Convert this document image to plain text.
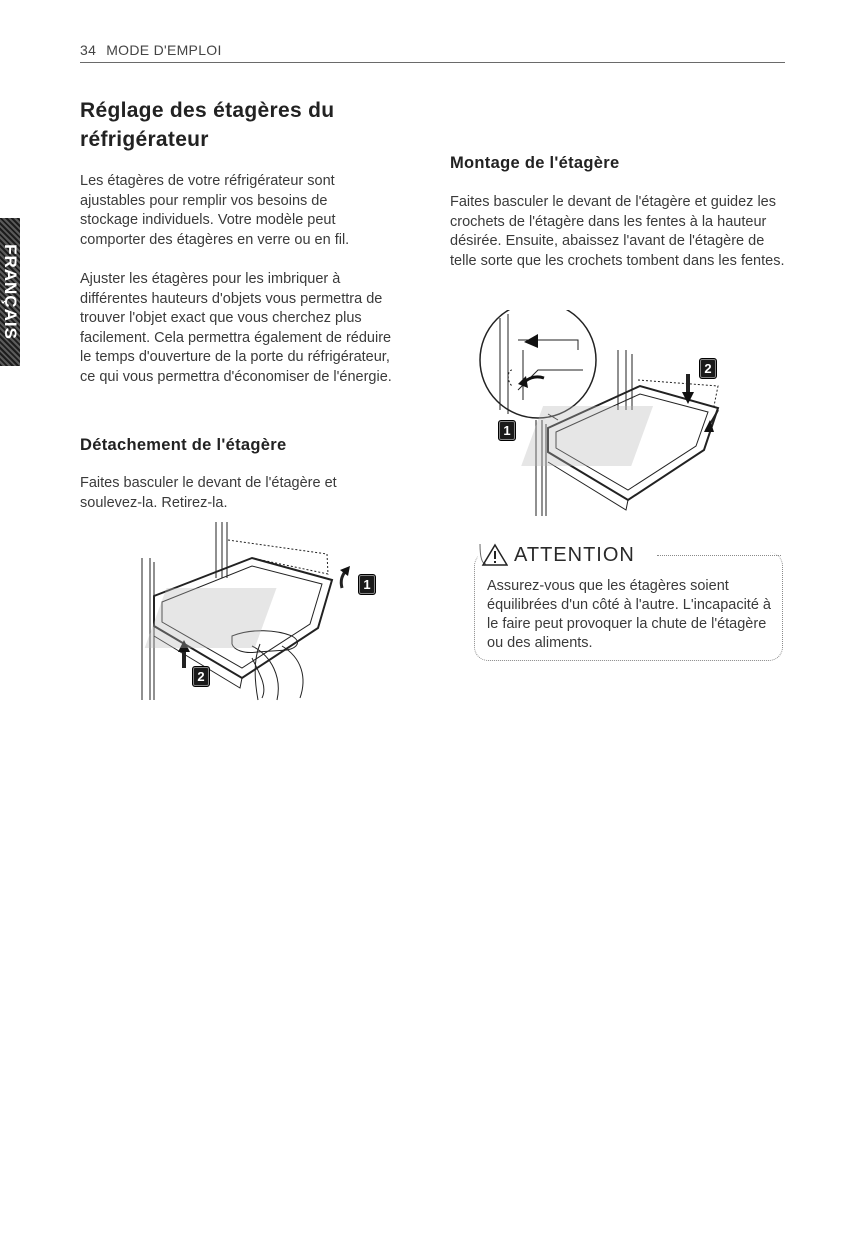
34 MODE D'EMPLOI
FRANÇAIS
Réglage des étagères du
réfrigérateur

Les étagères de votre réfrigérateur sont ajustables pour remplir vos besoins de stockage individuels. Votre modèle peut comporter des étagères en verre ou en fil.

Ajuster les étagères pour les imbriquer à différentes hauteurs d'objets vous permettra de trouver l'objet exact que vous cherchez plus facilement. Cela permettra également de réduire le temps d'ouverture de la porte du réfrigérateur, ce qui vous permettra d'économiser de l'énergie.

Détachement de l'étagère

Faites basculer le devant de l'étagère et soulevez-la. Retirez-la.

1
2
Montage de l'étagère

Faites basculer le devant de l'étagère et guidez les crochets de l'étagère dans les fentes à la hauteur désirée. Ensuite, abaissez l'avant de l'étagère de telle sorte que les crochets tombent dans les fentes.

2
1
ATTENTION

Assurez-vous que les étagères soient équilibrées d'un côté à l'autre. L'incapacité à le faire peut provoquer la chute de l'étagère ou des aliments.
